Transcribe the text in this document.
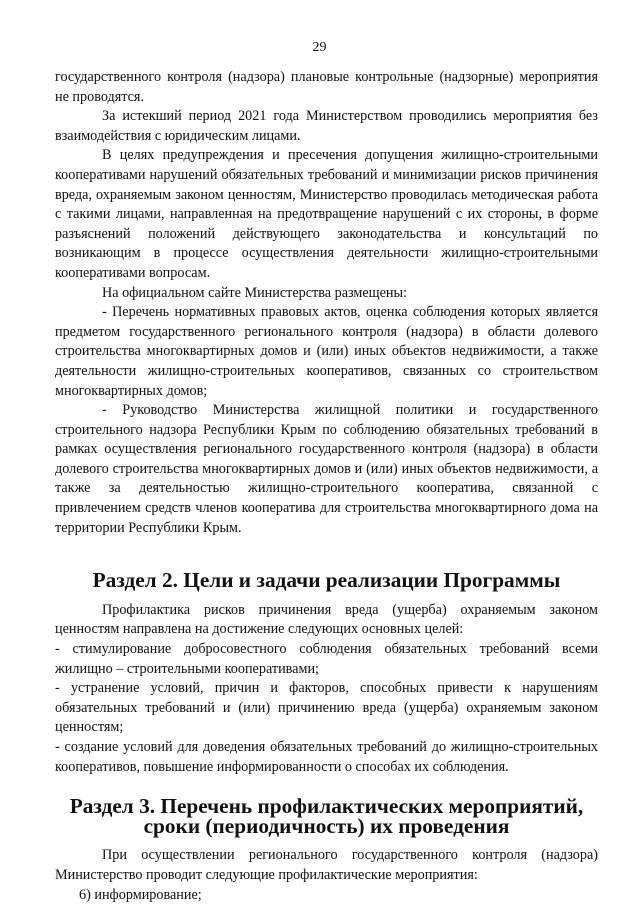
29

государственного контроля (надзора) плановые контрольные (надзорные) мероприятия не проводятся.

За истекший период 2021 года Министерством проводились мероприятия без взаимодействия с юридическим лицами.

В целях предупреждения и пресечения допущения жилищно-строительными кооперативами нарушений обязательных требований и минимизации рисков причинения вреда, охраняемым законом ценностям, Министерство проводилась методическая работа с такими лицами, направленная на предотвращение нарушений с их стороны, в форме разъяснений положений действующего законодательства и консультаций по возникающим в процессе осуществления деятельности жилищно-строительными кооперативами вопросам.

На официальном сайте Министерства размещены:

- Перечень нормативных правовых актов, оценка соблюдения которых является предметом государственного регионального контроля (надзора) в области долевого строительства многоквартирных домов и (или) иных объектов недвижимости, а также деятельности жилищно-строительных кооперативов, связанных со строительством многоквартирных домов;

- Руководство Министерства жилищной политики и государственного строительного надзора Республики Крым по соблюдению обязательных требований в рамках осуществления регионального государственного контроля (надзора) в области долевого строительства многоквартирных домов и (или) иных объектов недвижимости, а также за деятельностью жилищно-строительного кооператива, связанной с привлечением средств членов кооператива для строительства многоквартирного дома на территории Республики Крым.

Раздел 2. Цели и задачи реализации Программы

Профилактика рисков причинения вреда (ущерба) охраняемым законом ценностям направлена на достижение следующих основных целей:

- стимулирование добросовестного соблюдения обязательных требований всеми жилищно – строительными кооперативами;

- устранение условий, причин и факторов, способных привести к нарушениям обязательных требований и (или) причинению вреда (ущерба) охраняемым законом ценностям;

- создание условий для доведения обязательных требований до жилищно-строительных кооперативов, повышение информированности о способах их соблюдения.

Раздел 3. Перечень профилактических мероприятий, сроки (периодичность) их проведения

При осуществлении регионального государственного контроля (надзора) Министерство проводит следующие профилактические мероприятия:

6) информирование;
